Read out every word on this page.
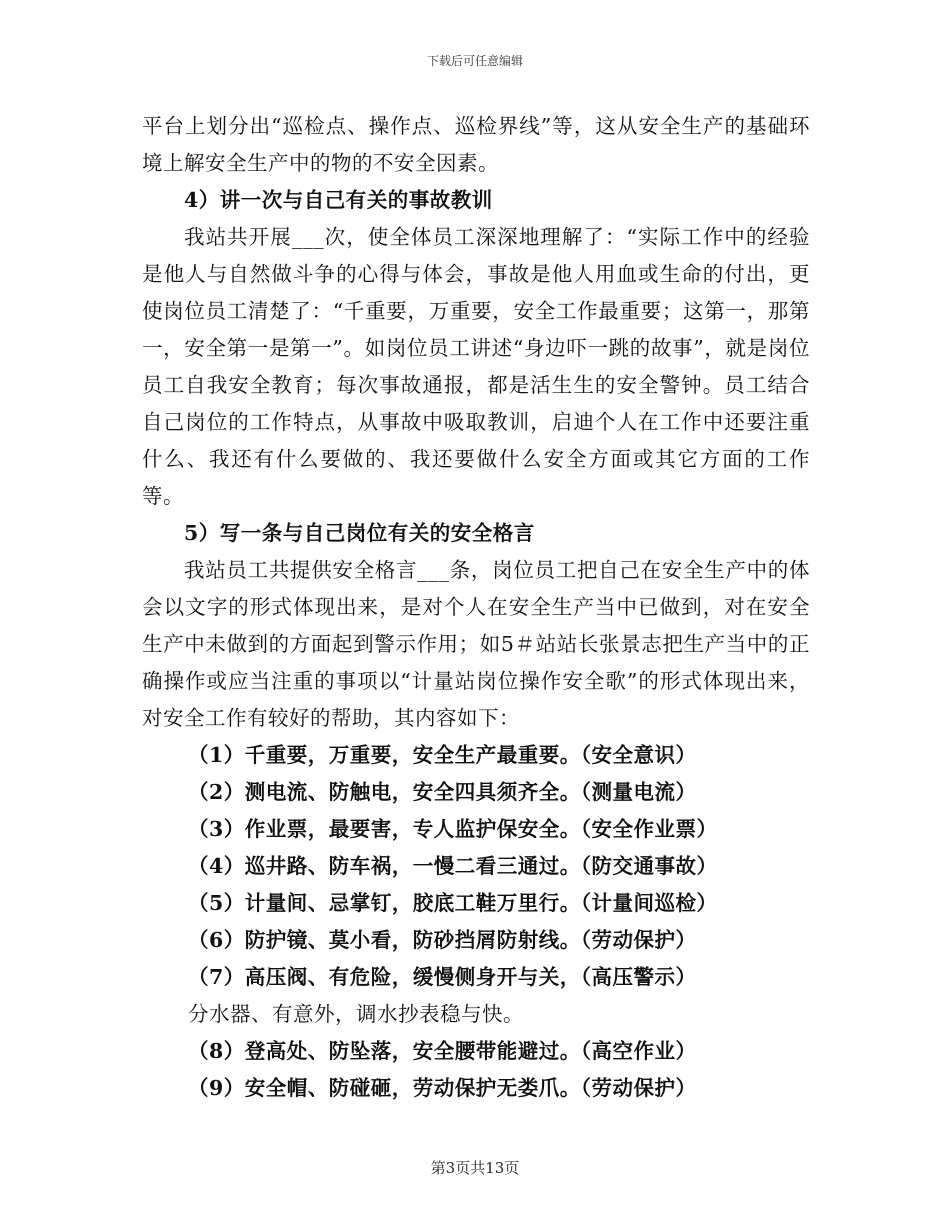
下载后可任意编辑

平台上划分出“巡检点、操作点、巡检界线”等，这从安全生产的基础环境上解安全生产中的物的不安全因素。

4）讲一次与自己有关的事故教训

我站共开展___次，使全体员工深深地理解了：“实际工作中的经验是他人与自然做斗争的心得与体会，事故是他人用血或生命的付出，更使岗位员工清楚了：“千重要，万重要，安全工作最重要；这第一，那第一，安全第一是第一”。如岗位员工讲述“身边吓一跳的故事”，就是岗位员工自我安全教育；每次事故通报，都是活生生的安全警钟。员工结合自己岗位的工作特点，从事故中吸取教训，启迪个人在工作中还要注重什么、我还有什么要做的、我还要做什么安全方面或其它方面的工作等。

5）写一条与自己岗位有关的安全格言

我站员工共提供安全格言___条，岗位员工把自己在安全生产中的体会以文字的形式体现出来，是对个人在安全生产当中已做到，对在安全生产中未做到的方面起到警示作用；如5＃站站长张景志把生产当中的正确操作或应当注重的事项以“计量站岗位操作安全歌”的形式体现出来，对安全工作有较好的帮助，其内容如下：

（1）千重要，万重要，安全生产最重要。（安全意识）

（2）测电流、防触电，安全四具须齐全。（测量电流）

（3）作业票，最要害，专人监护保安全。（安全作业票）

（4）巡井路、防车祸，一慢二看三通过。（防交通事故）

（5）计量间、忌掌钉，胶底工鞋万里行。（计量间巡检）

（6）防护镜、莫小看，防砂挡屑防射线。（劳动保护）

（7）高压阀、有危险，缓慢侧身开与关，（高压警示）

分水器、有意外，调水抄表稳与快。

（8）登高处、防坠落，安全腰带能避过。（高空作业）

（9）安全帽、防碰砸，劳动保护无娄爪。（劳动保护）

第3页共13页
